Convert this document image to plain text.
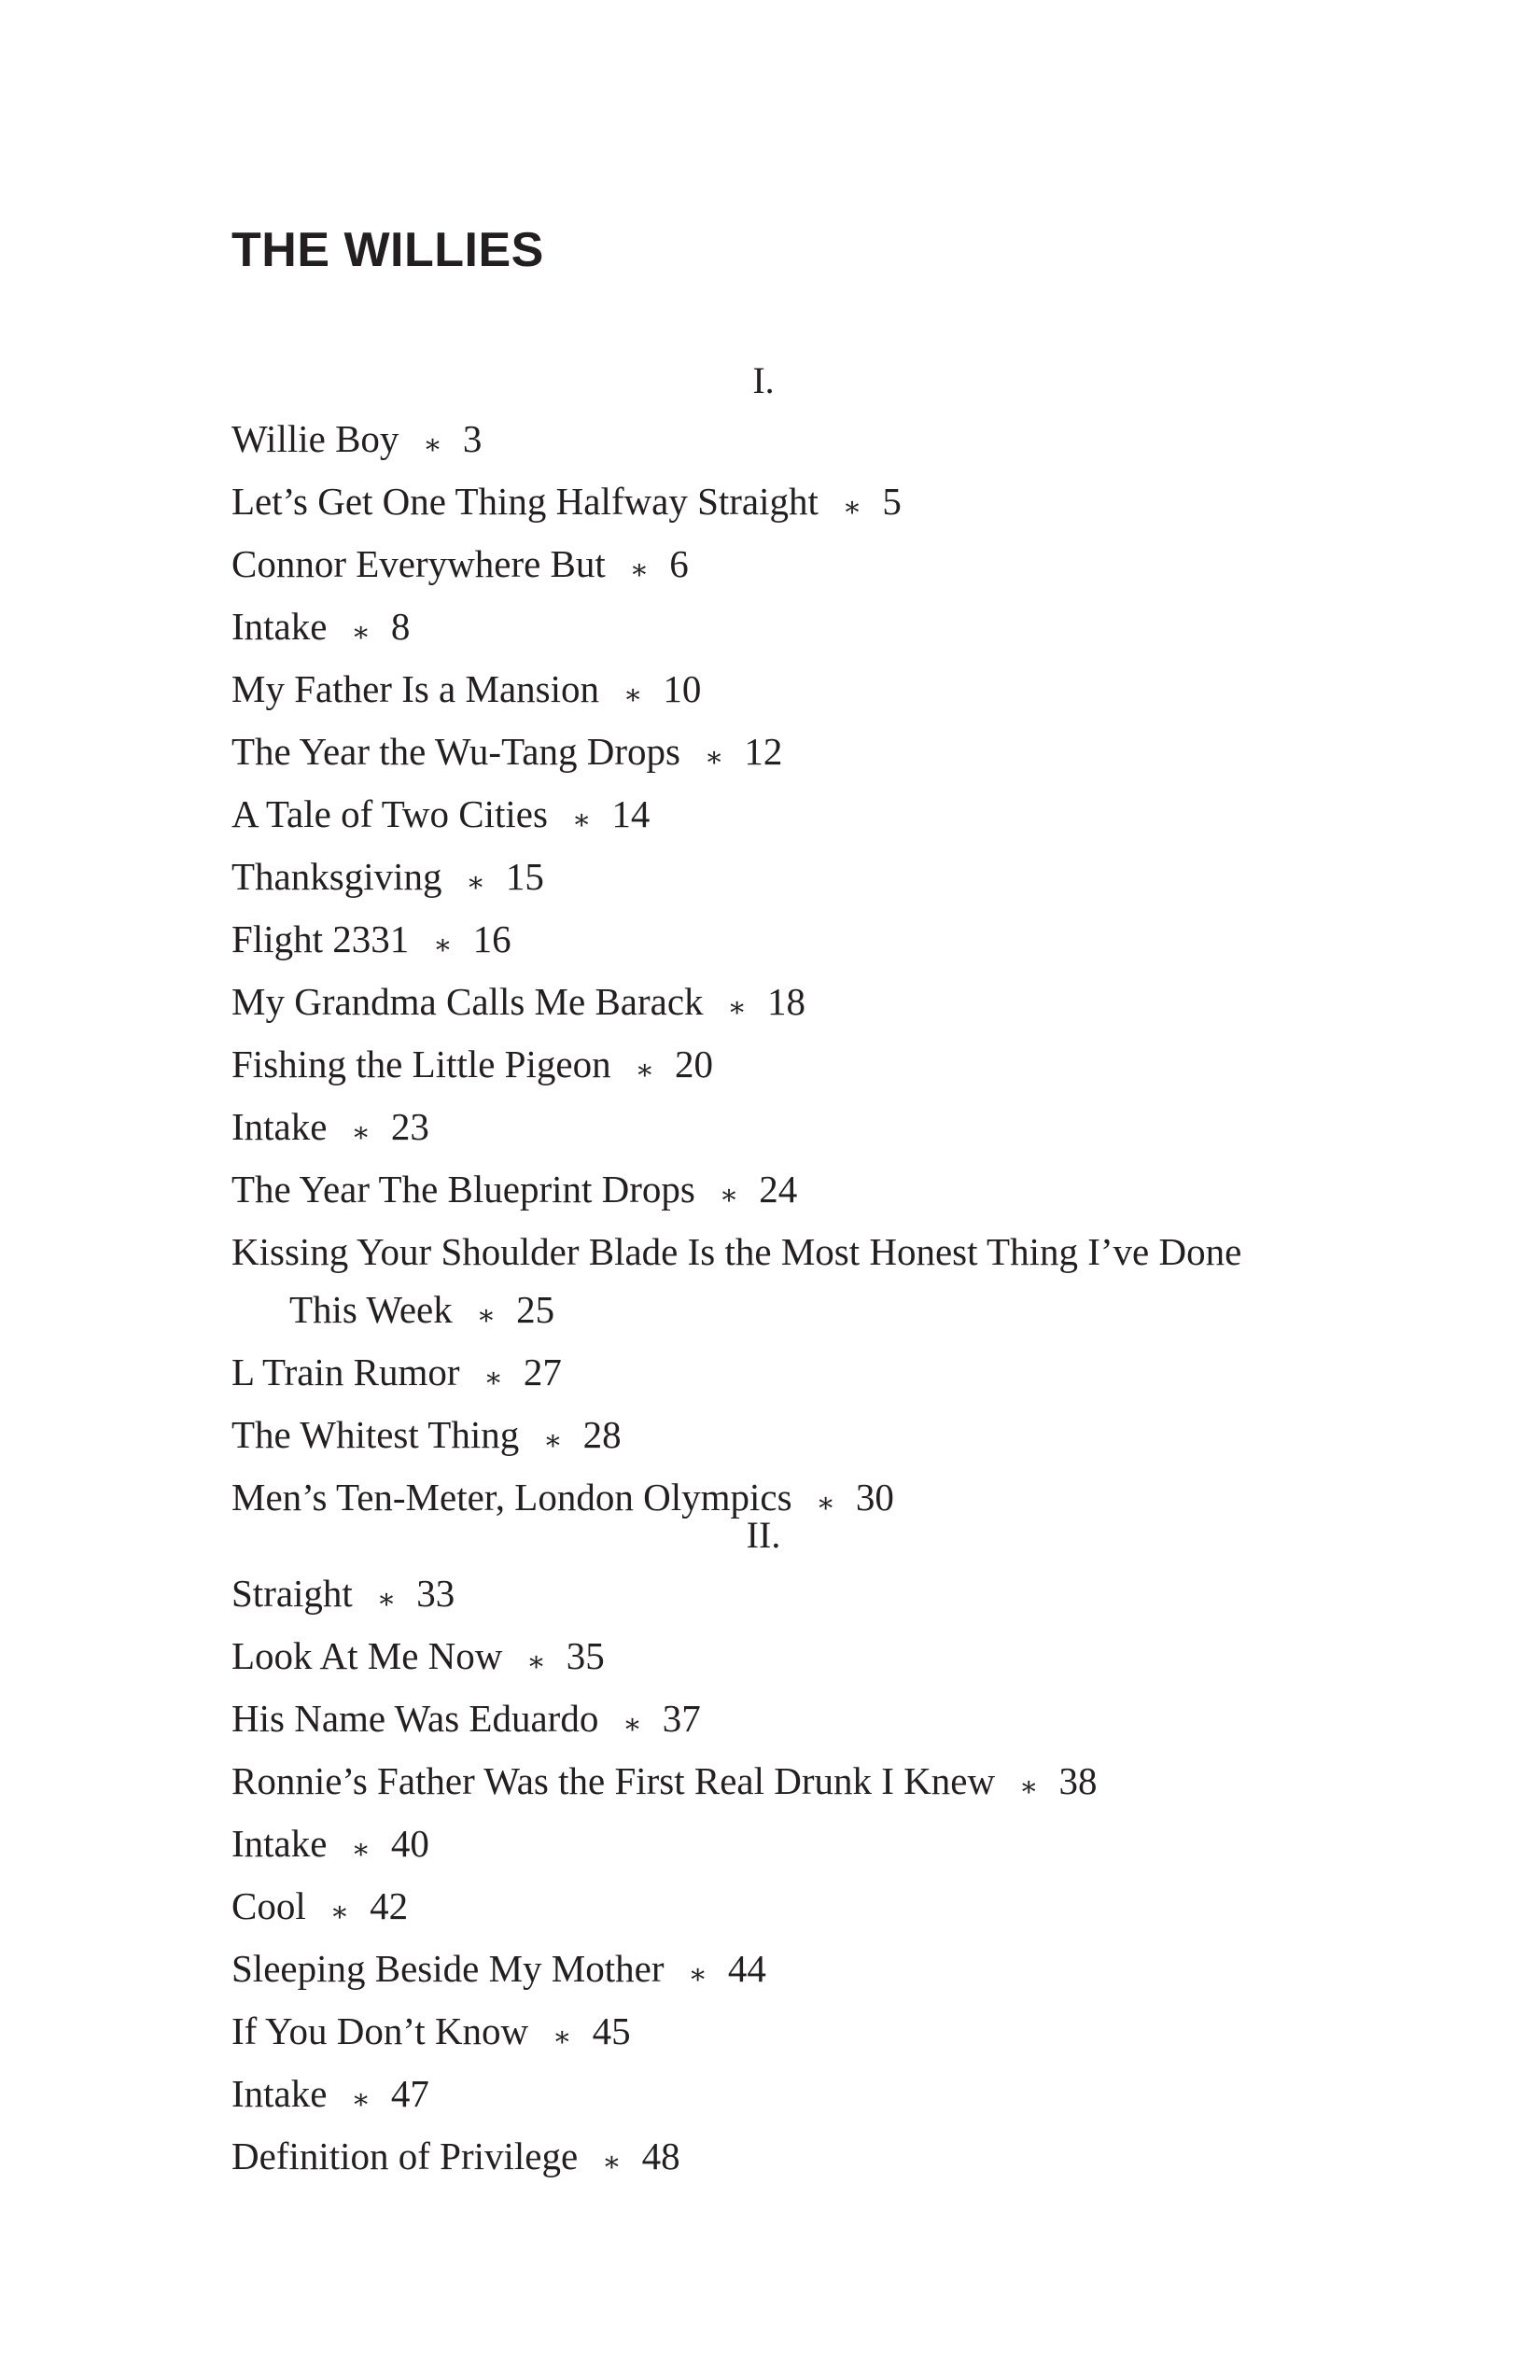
THE WILLIES
I.
Willie Boy ∗ 3
Let’s Get One Thing Halfway Straight ∗ 5
Connor Everywhere But ∗ 6
Intake ∗ 8
My Father Is a Mansion ∗ 10
The Year the Wu-Tang Drops ∗ 12
A Tale of Two Cities ∗ 14
Thanksgiving ∗ 15
Flight 2331 ∗ 16
My Grandma Calls Me Barack ∗ 18
Fishing the Little Pigeon ∗ 20
Intake ∗ 23
The Year The Blueprint Drops ∗ 24
Kissing Your Shoulder Blade Is the Most Honest Thing I’ve Done This Week ∗ 25
L Train Rumor ∗ 27
The Whitest Thing ∗ 28
Men’s Ten-Meter, London Olympics ∗ 30
II.
Straight ∗ 33
Look At Me Now ∗ 35
His Name Was Eduardo ∗ 37
Ronnie’s Father Was the First Real Drunk I Knew ∗ 38
Intake ∗ 40
Cool ∗ 42
Sleeping Beside My Mother ∗ 44
If You Don’t Know ∗ 45
Intake ∗ 47
Definition of Privilege ∗ 48
